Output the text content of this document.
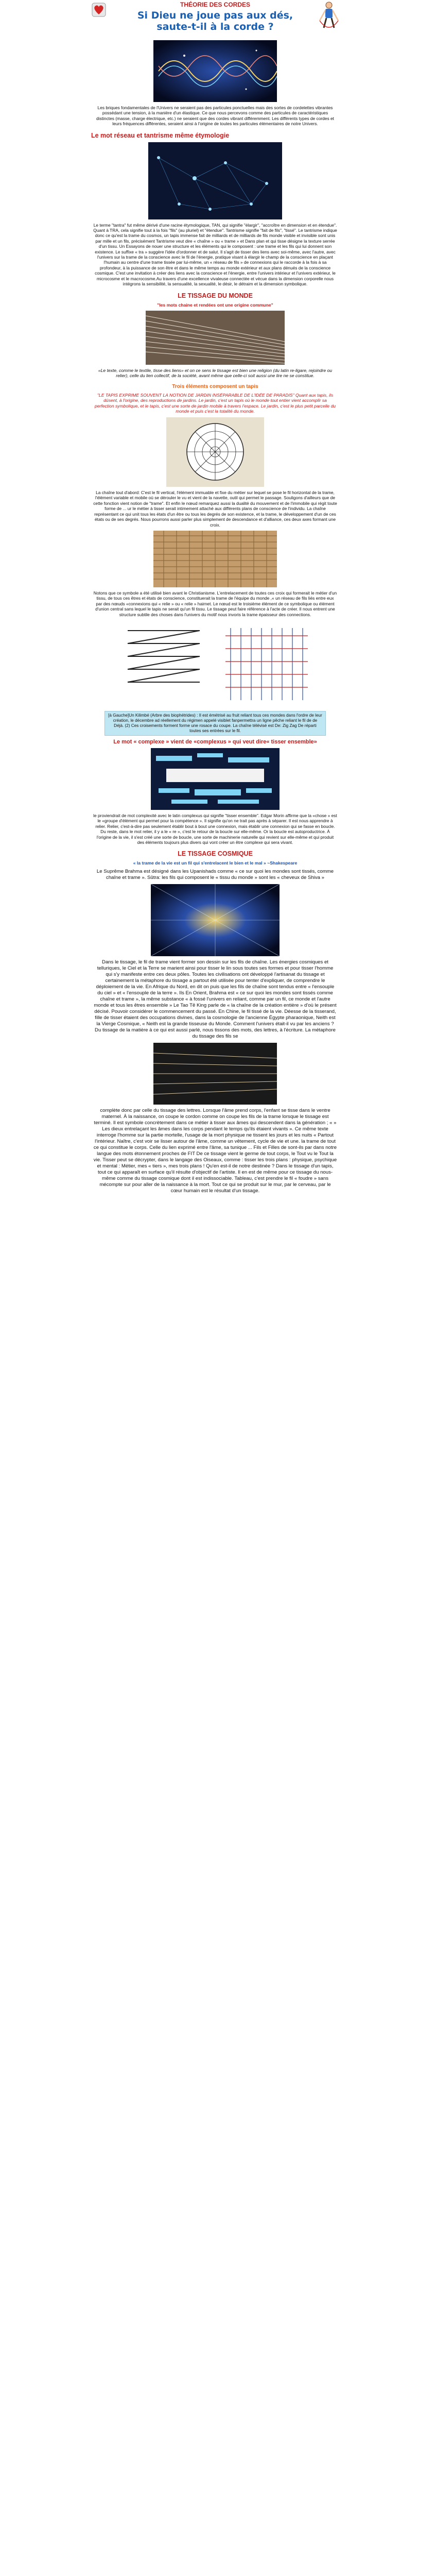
THÉORIE DES CORDES
Si Dieu ne joue pas aux dés, saute-t-il à la corde ?

Les briques fondamentales de l'Univers ne seraient pas des particules ponctuelles mais des sortes de cordelettes vibrantes possédant une tension, à la manière d'un élastique. Ce que nous percevons comme des particules de caractéristiques distinctes (masse, charge électrique, etc.) ne seraient que des cordes vibrant différemment. Les différents types de cordes et leurs fréquences différentes, seraient ainsi à l'origine de toutes les particules élémentaires de notre Univers.

Le mot réseau et tantrisme même étymologie

Le terme "tantra" fut même dérivé d'une racine étymologique, TAN, qui signifie "élargir", "accroître en dimension et en étendue". Quant à TRA, cela signifie tout à la fois "fils" (au pluriel) et "étendue". Tantrisme signifie "fait de fils", "tissé". Le tantrisme indique donc ce qu'est la trame du cosmos, un tapis immense fait de milliards et de milliards de fils monde visible et invisible sont unis par mille et un fils, précisément Tantrisme veut dire « chaîne » ou « trame » et Dans plan et qui tisse désigne la texture serrée d'un tissu. Un Essayons de nouer une structure et les éléments qui le composent : une trame et les fils qui lui donnent son existence. Le suffixe « tra » suggère l'idée d'ordonner et de salut. Il s'agit de tisser des liens avec soi-même, avec l'autre, avec l'univers sur la trame de la conscience avec le fil de l'énergie, pratique visant à élargir le champ de la conscience en plaçant l'humain au centre d'une trame tissée par lui-même, un « réseau de fils » de connexions qui le raccorde à la fois à sa profondeur, à la puissance de son être et dans le même temps au monde extérieur et aux plans dénués de la conscience cosmique. C'est une invitation à créer des liens avec la conscience et l'énergie, entre l'univers intérieur et l'univers extérieur, le microcosme et le macrocosme.Au travers d'une excellence vivaleuse connectée et vécue dans la dimension corporelle nous intégrons la sensibilité, la sensualité, la sexualité, le désir, le détraim et la dimension symbolique.

LE TISSAGE DU MONDE
"les mots chaine et rendées ont une origine commune"

«Le texte, comme le textile, tisse des liens» et on ce sens le tissage est bien une religion (du latin re-ligare, rejoindre ou relier), celle du lien collectif, de la société, avant même que celle-ci soit aussi une lire ne se constitue.

Trois éléments composent un tapis

"LE TAPIS EXPRIME SOUVENT LA NOTION DE JARDIN INSÉPARABLE DE L'IDÉE DE PARADIS" Quant aux tapis, ils dúsent, à l'origine, des reproductions de jardins. Le jardin, c'est un tapis où le monde tout entier vient accomplir sa perfection symbolique, et le tapis, c'est une sorte de jardin mobile à travers l'espace. Le jardin, c'est le plus petit parcelle du monde et puis c'est la totalité du monde.

La chaîne tout d'abord: C'est le fil vertical, l'élément immuable et fixe du métier sur lequel se pose le fil horizontal de la trame, l'élément variable et mobile où se dérouler le vu et vient de la navette, outil qui permet le passage. Souligons d'ailleurs que de cette fonction vient notion de "trame". Et enfin le nœud remarquez aussi la dualité du mouvement et de l'immobile qui régit toute forme de ... ur le métier à tisser serait intimement attaché aux différents plans de conscience de l'individu. La chaîne représentant ce qui unit tous les états d'un être ou tous les degrés de son existence, et la trame, le développement d'un de ces états ou de ses degrés. Nous pourrons aussi parler plus simplement de descendance et d'alliance, ces deux axes formant une croix.

Notons que ce symbole a été utilisé bien avant le Christianisme. L'entrelacement de toutes ces croix qui formerait le métier d'un tissu, de tous ces êtres et états de conscience, constituerait la trame de l'équipe du monde ,« un réseau de fils liés entre eux par des nœuds «connexions qui « relie » ou « relie » hairnet. Le nœud est le troisième élément de ce symbolique ou élément d'union central sans lequel le tapis ne serait qu'un fil tissu. Le tissage peut faire référence à l'acte de créer. Il nous entrent une structure subtile des choses dans l'univers du motif nous invoris la trame épaisseur des connections.

[à Gauche]Un Kilimbé (Arbre des biophétrides) : Il est émétrisé au fruit reliant tous ces mondes dans l'ordre de leur création, le décembre ad réellement du régimen appelé visiblet fanpermettra un ligne pêche reliant le fil de de Déjà. (2) Ces croisements forment forme une rosace du coupe. La chaîne télévisé est De: Zig Zag De réparti toutes ses entrées sur le fil.
Le mot « complexe » vient de «complexus » qui veut dire« tisser ensemble»

le proviendrait de mot complexité avec le latin complexus qui signifie "tisser ensemble". Edgar Morin affirme que la «chose » est le «groupe d'élément qui permet pour la compétence ». Il signifie qu'on ne trait pas après à séparer. Il est nous apprendre à relier. Relier, c'est-à-dire pas seulement établir bout à bout une connexion, mais établir une connexion qui se fasse en boucle. Du reste, dans le mot relier, il y a le « re », c'est le retour de la boucle sur elle-même. Or la boucle est autoproductrice. À l'origine de la vie, il s'est créé une sorte de boucle, une sorte de machinerie naturelle qui revient sur elle-même et qui produit des éléments toujours plus divers qui vont créer un être complexe qui sera vivant.

LE TISSAGE COSMIQUE
« la trame de la vie est un fil qui s'entrelacent le bien et le mal » ~Shakespeare

Le Suprême Brahma est désigné dans les Upanishads comme « ce sur quoi les mondes sont tissés, comme chaîne et trame ». Sûtra: les fils qui composent le « tissu du monde » sont les « cheveux de Shiva »

Dans le tissage, le fil de trame vient former son dessin sur les fils de chaîne. Les énergies cosmiques et telluriques, le Ciel et la Terre se marient ainsi pour tisser le lin sous toutes ses formes et pour tisser l'homme qui s'y manifeste entre ces deux pôles. Toutes les civilisations ont développé l'artisanat du tissage et certainement la métaphore du tissage a partout été utilisée pour tenter d'expliquer, de comprendre le déploiement de la vie. En Afrique du Nord, en dit on puis que les fils de chaîne sont tendus entre « l'ensouple du ciel » et « l'ensouple de la terre ». Ils En Orient, Brahma est « ce sur quoi les mondes sont tissés comme chaîne et trame », la même substance « à fossé l'univers en reliant, comme par un fil, ce monde et l'autre monde et tous les êtres ensemble » Le Tao Tê King parle de « la chaîne de la création entière » d'où le présent décisé. Pouvoir considérer le commencement du passé. En Chine, le fil tissé de la vie. Déesse de la tisserand, fille de tisser étaient des occupations divines, dans la cosmologie de l'ancienne Égypte pharaonique, Neith est la Vierge Cosmique, « Neith est la grande tisseuse du Monde. Comment l'univers était-il vu par les anciens ? Du tissage de la matière à ce qui est aussi parlé, nous tissons des mots, des lettres, à l'écriture. La métaphore du tissage des fils se

complète donc par celle du tissage des lettres. Lorsque l'âme prend corps, l'enfant se tisse dans le ventre maternel. À la naissance, on coupe le cordon comme on coupe les fils de la trame lorsque le tissage est terminé. Il est symbole concrètement dans ce métier à tisser aux âmes qui descendent dans la génération ; « » Les dieux entrelaçant les âmes dans les corps pendant le temps qu'ils étaient vivants ». Ce même texte interroge l'homme sur la partie mortelle, l'usage de la mort physique ne tissent les jours et les nuits « Partout l'intérieur. Naître, c'est voir se lisser autour de l'âme, comme un vêtement, cycle de vie et une. la trame de tout ce qui constitue le corps. Celle du lien exprimé entre l'âme, sa tunique ... Fils et Filles de sont-ils par dans notre langue des mots étonnement proches de FIT De ce tissage vient le germe de tout corps, le Tout vu le Tout la vie. Tisser peut se décrypter, dans le langage des Oiseaux, comme : tisser les trois plans : physique, psychique et mental : Métier, mes « tiers », mes trois plans ! Qu'en est-il de notre destinée ? Dans le tissage d'un tapis, tout ce qui apparaît en surface qu'il résulte d'objectif de l'artiste. Il en est de même pour ce tissage du nous-même comme du tissage cosmique dont il est indissociable. Tableau, c'est prendre le fil « foudre » sans mécompte sur pour aller de la naissance à la mort. Tout ce qui se produit sur le mur, par le cerveau, par le cœur humain est le résultat d'un tissage.
